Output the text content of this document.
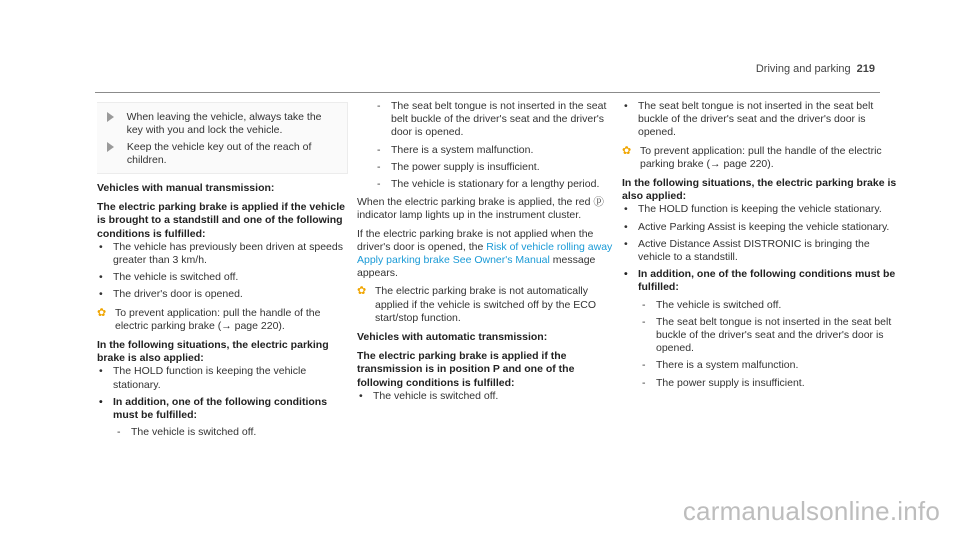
Driving and parking 219
When leaving the vehicle, always take the key with you and lock the vehicle.
Keep the vehicle key out of the reach of children.
Vehicles with manual transmission:
The electric parking brake is applied if the vehicle is brought to a standstill and one of the following conditions is fulfilled:
• The vehicle has previously been driven at speeds greater than 3 km/h.
• The vehicle is switched off.
• The driver's door is opened.
✿ To prevent application: pull the handle of the electric parking brake (→ page 220).
In the following situations, the electric parking brake is also applied:
• The HOLD function is keeping the vehicle stationary.
• In addition, one of the following conditions must be fulfilled:
-	The vehicle is switched off.
-	The seat belt tongue is not inserted in the seat belt buckle of the driver's seat and the driver's door is opened.
-	There is a system malfunction.
-	The power supply is insufficient.
-	The vehicle is stationary for a lengthy period.
When the electric parking brake is applied, the red ⓟ indicator lamp lights up in the instrument cluster.
If the electric parking brake is not applied when the driver's door is opened, the Risk of vehicle rolling away Apply parking brake See Owner's Manual message appears.
✿ The electric parking brake is not automatically applied if the vehicle is switched off by the ECO start/stop function.
Vehicles with automatic transmission:
The electric parking brake is applied if the transmission is in position P and one of the following conditions is fulfilled:
• The vehicle is switched off.
• The seat belt tongue is not inserted in the seat belt buckle of the driver's seat and the driver's door is opened.
✿ To prevent application: pull the handle of the electric parking brake (→ page 220).
In the following situations, the electric parking brake is also applied:
• The HOLD function is keeping the vehicle stationary.
• Active Parking Assist is keeping the vehicle stationary.
• Active Distance Assist DISTRONIC is bringing the vehicle to a standstill.
• In addition, one of the following conditions must be fulfilled:
-	The vehicle is switched off.
-	The seat belt tongue is not inserted in the seat belt buckle of the driver's seat and the driver's door is opened.
-	There is a system malfunction.
-	The power supply is insufficient.
carmanualsonline.info
